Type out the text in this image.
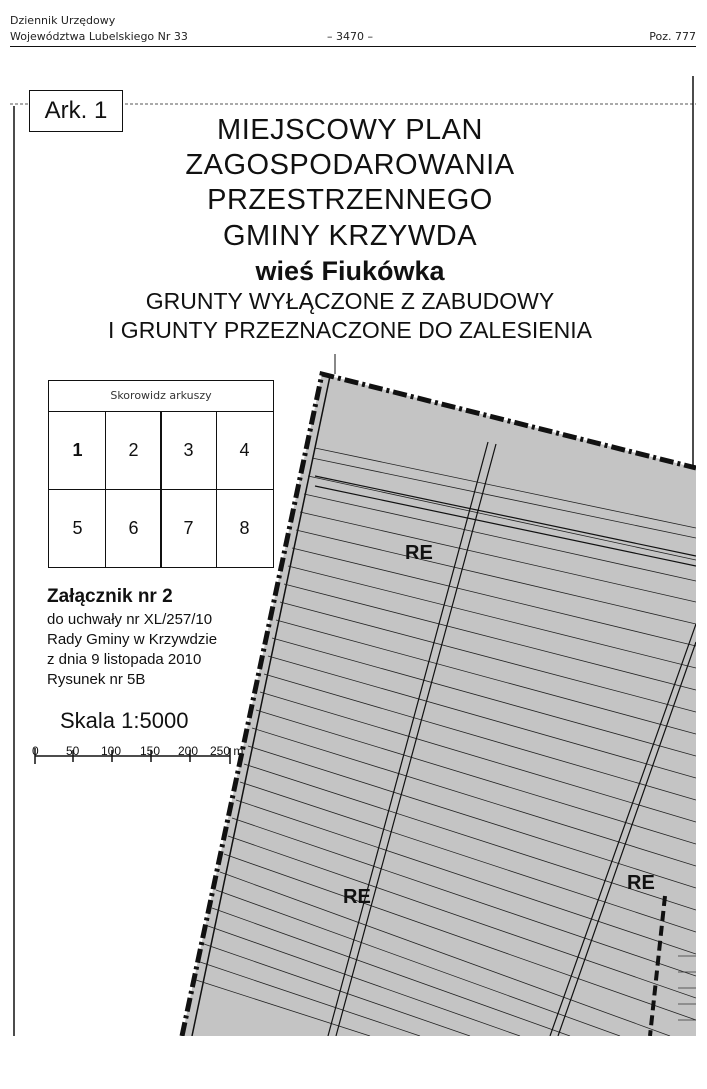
Dziennik Urzędowy
Województwa Lubelskiego Nr 33	– 3470 –	Poz. 777
Ark. 1
MIEJSCOWY PLAN
ZAGOSPODAROWANIA
PRZESTRZENNEGO
GMINY KRZYWDA
wieś Fiukówka
GRUNTY WYŁĄCZONE Z ZABUDOWY
I GRUNTY PRZEZNACZONE DO ZALESIENIA
Skorowidz arkuszy
1	2	3	4
5	6	7	8
Załącznik nr 2
do uchwały nr XL/257/10
Rady Gminy w Krzywdzie
z dnia 9 listopada 2010
Rysunek nr 5B
Skala 1:5000
0 50 100 150 200 250 m
RE
RE
RE
